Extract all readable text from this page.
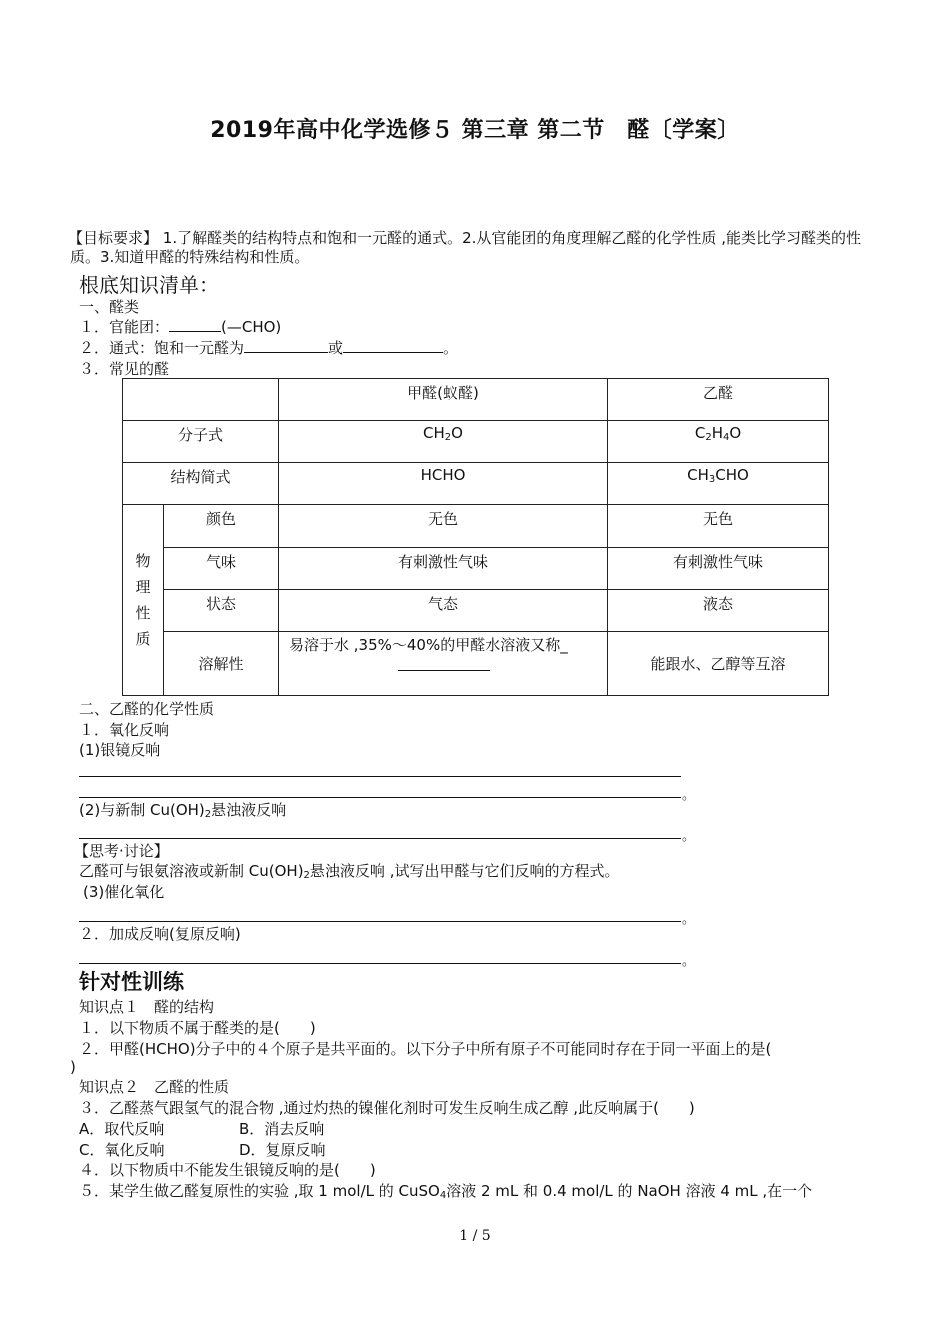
2019年高中化学选修５ 第三章 第二节　醛〔学案〕
【目标要求】 1.了解醛类的结构特点和饱和一元醛的通式。2.从官能团的角度理解乙醛的化学性质 ,能类比学习醛类的性质。3.知道甲醛的特殊结构和性质。
根底知识清单：
一、醛类
１．官能团：	(—CHO)
２．通式：饱和一元醛为	或	。
３．常见的醛

		甲醛(蚁醛)	乙醛

分子式		$CH_2O$	$C_2H_4O$

结构简式		HCHO	$CH_3CHO$

物
理
性
质	颜色	无色	无色

	气味	有刺激性气味	有刺激性气味

	状态	气态	液态

	溶解性	易溶于水 ,35%～40%的甲醛水溶液又称_	能跟水、乙醇等互溶
二、乙醛的化学性质
１．氧化反响
(1)银镜反响
。
(2)与新制 $Cu(OH)_2$悬浊液反响
。
【思考·讨论】
乙醛可与银氨溶液或新制 $Cu(OH)_2$悬浊液反响 ,试写出甲醛与它们反响的方程式。
(3)催化氧化
。
２．加成反响(复原反响)
。
针对性训练
知识点１　醛的结构
１．以下物质不属于醛类的是(　　)
２．甲醛(HCHO)分子中的４个原子是共平面的。以下分子中所有原子不可能同时存在于同一平面上的是(
)
知识点２　乙醛的性质
３．乙醛蒸气跟氢气的混合物 ,通过灼热的镍催化剂时可发生反响生成乙醇 ,此反响属于(　　)
A．取代反响	B．消去反响
C．氧化反响	D．复原反响
４．以下物质中不能发生银镜反响的是(　　)
５．某学生做乙醛复原性的实验 ,取 1 mol/L 的 CuSO$_4$溶液 2 mL 和 0.4 mol/L 的 NaOH 溶液 4 mL ,在一个
1 / 5
